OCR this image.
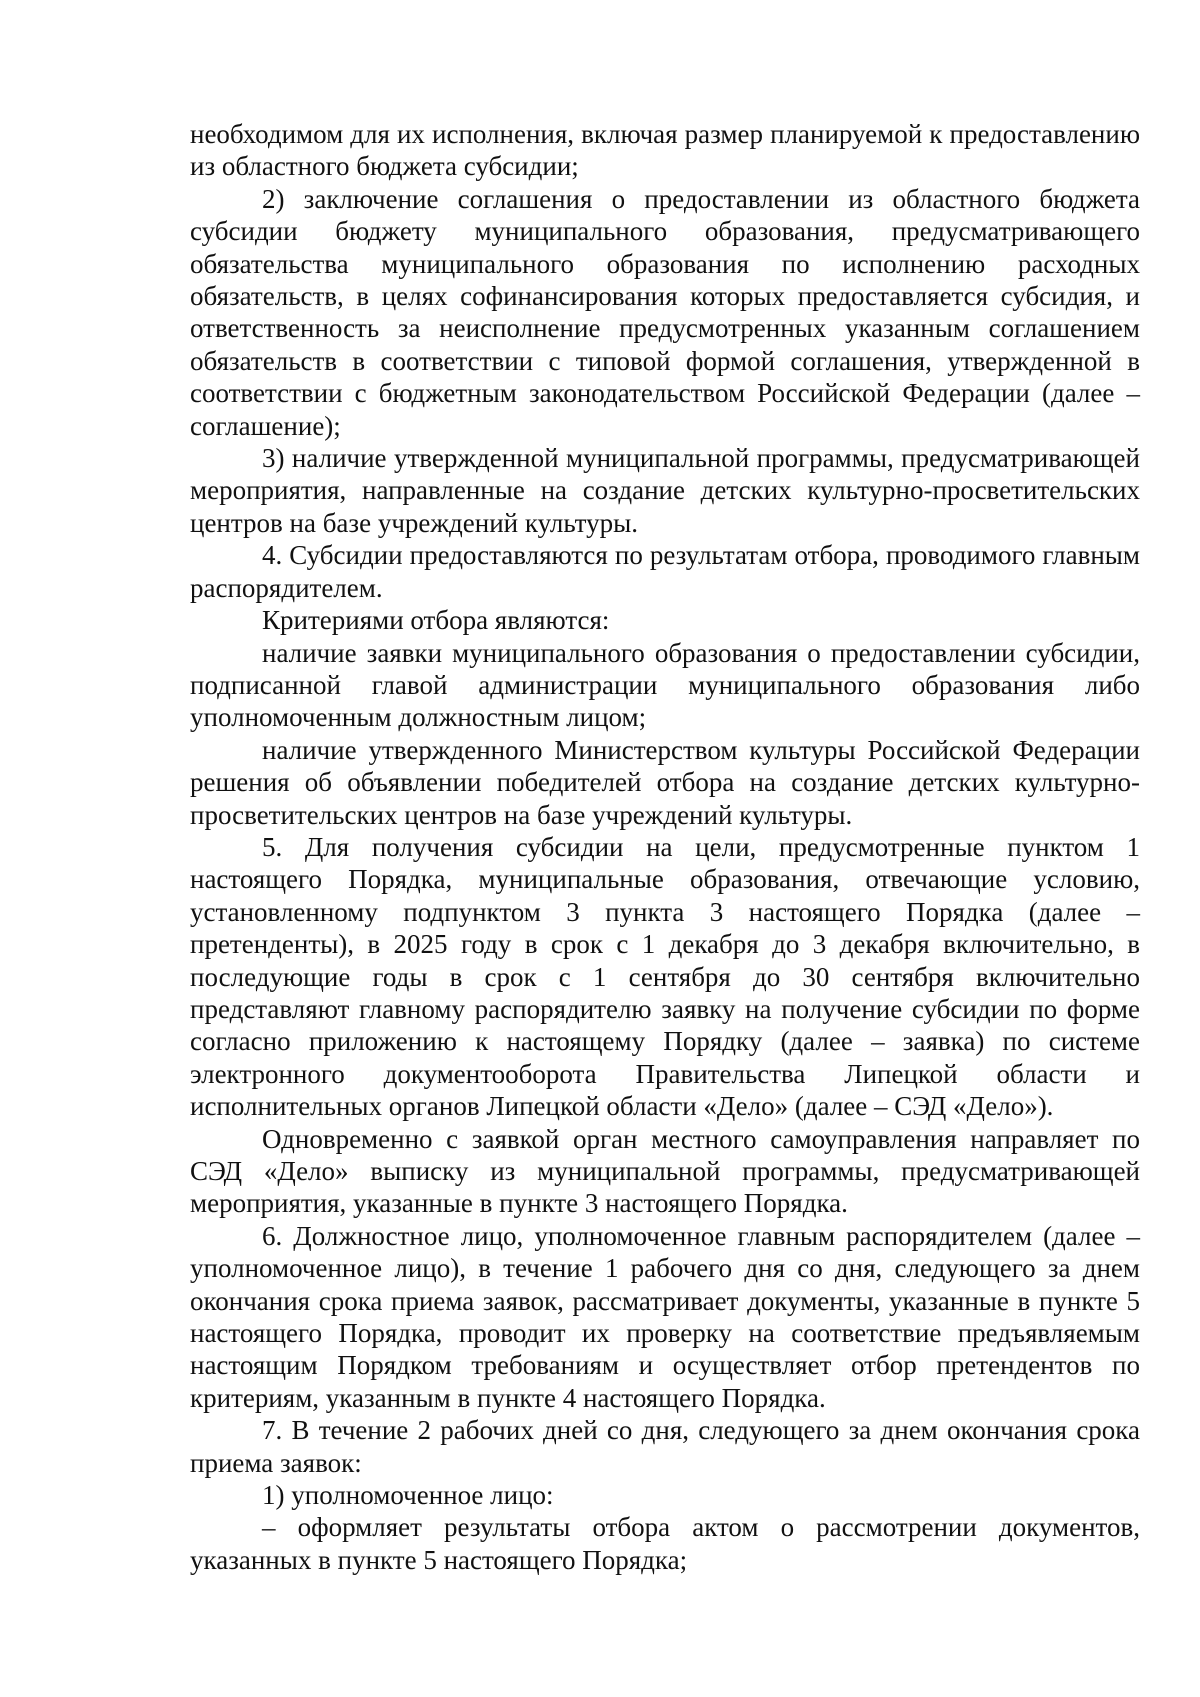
необходимом для их исполнения, включая размер планируемой к предоставлению из областного бюджета субсидии;

2) заключение соглашения о предоставлении из областного бюджета субсидии бюджету муниципального образования, предусматривающего обязательства муниципального образования по исполнению расходных обязательств, в целях софинансирования которых предоставляется субсидия, и ответственность за неисполнение предусмотренных указанным соглашением обязательств в соответствии с типовой формой соглашения, утвержденной в соответствии с бюджетным законодательством Российской Федерации (далее – соглашение);

3) наличие утвержденной муниципальной программы, предусматривающей мероприятия, направленные на создание детских культурно-просветительских центров на базе учреждений культуры.

4. Субсидии предоставляются по результатам отбора, проводимого главным распорядителем.

Критериями отбора являются:

наличие заявки муниципального образования о предоставлении субсидии, подписанной главой администрации муниципального образования либо уполномоченным должностным лицом;

наличие утвержденного Министерством культуры Российской Федерации решения об объявлении победителей отбора на создание детских культурно-просветительских центров на базе учреждений культуры.

5. Для получения субсидии на цели, предусмотренные пунктом 1 настоящего Порядка, муниципальные образования, отвечающие условию, установленному подпунктом 3 пункта 3 настоящего Порядка (далее – претенденты), в 2025 году в срок с 1 декабря до 3 декабря включительно, в последующие годы в срок с 1 сентября до 30 сентября включительно представляют главному распорядителю заявку на получение субсидии по форме согласно приложению к настоящему Порядку (далее – заявка) по системе электронного документооборота Правительства Липецкой области и исполнительных органов Липецкой области «Дело» (далее – СЭД «Дело»).

Одновременно с заявкой орган местного самоуправления направляет по СЭД «Дело» выписку из муниципальной программы, предусматривающей мероприятия, указанные в пункте 3 настоящего Порядка.

6. Должностное лицо, уполномоченное главным распорядителем (далее – уполномоченное лицо), в течение 1 рабочего дня со дня, следующего за днем окончания срока приема заявок, рассматривает документы, указанные в пункте 5 настоящего Порядка, проводит их проверку на соответствие предъявляемым настоящим Порядком требованиям и осуществляет отбор претендентов по критериям, указанным в пункте 4 настоящего Порядка.

7. В течение 2 рабочих дней со дня, следующего за днем окончания срока приема заявок:

1) уполномоченное лицо:

– оформляет результаты отбора актом о рассмотрении документов, указанных в пункте 5 настоящего Порядка;
